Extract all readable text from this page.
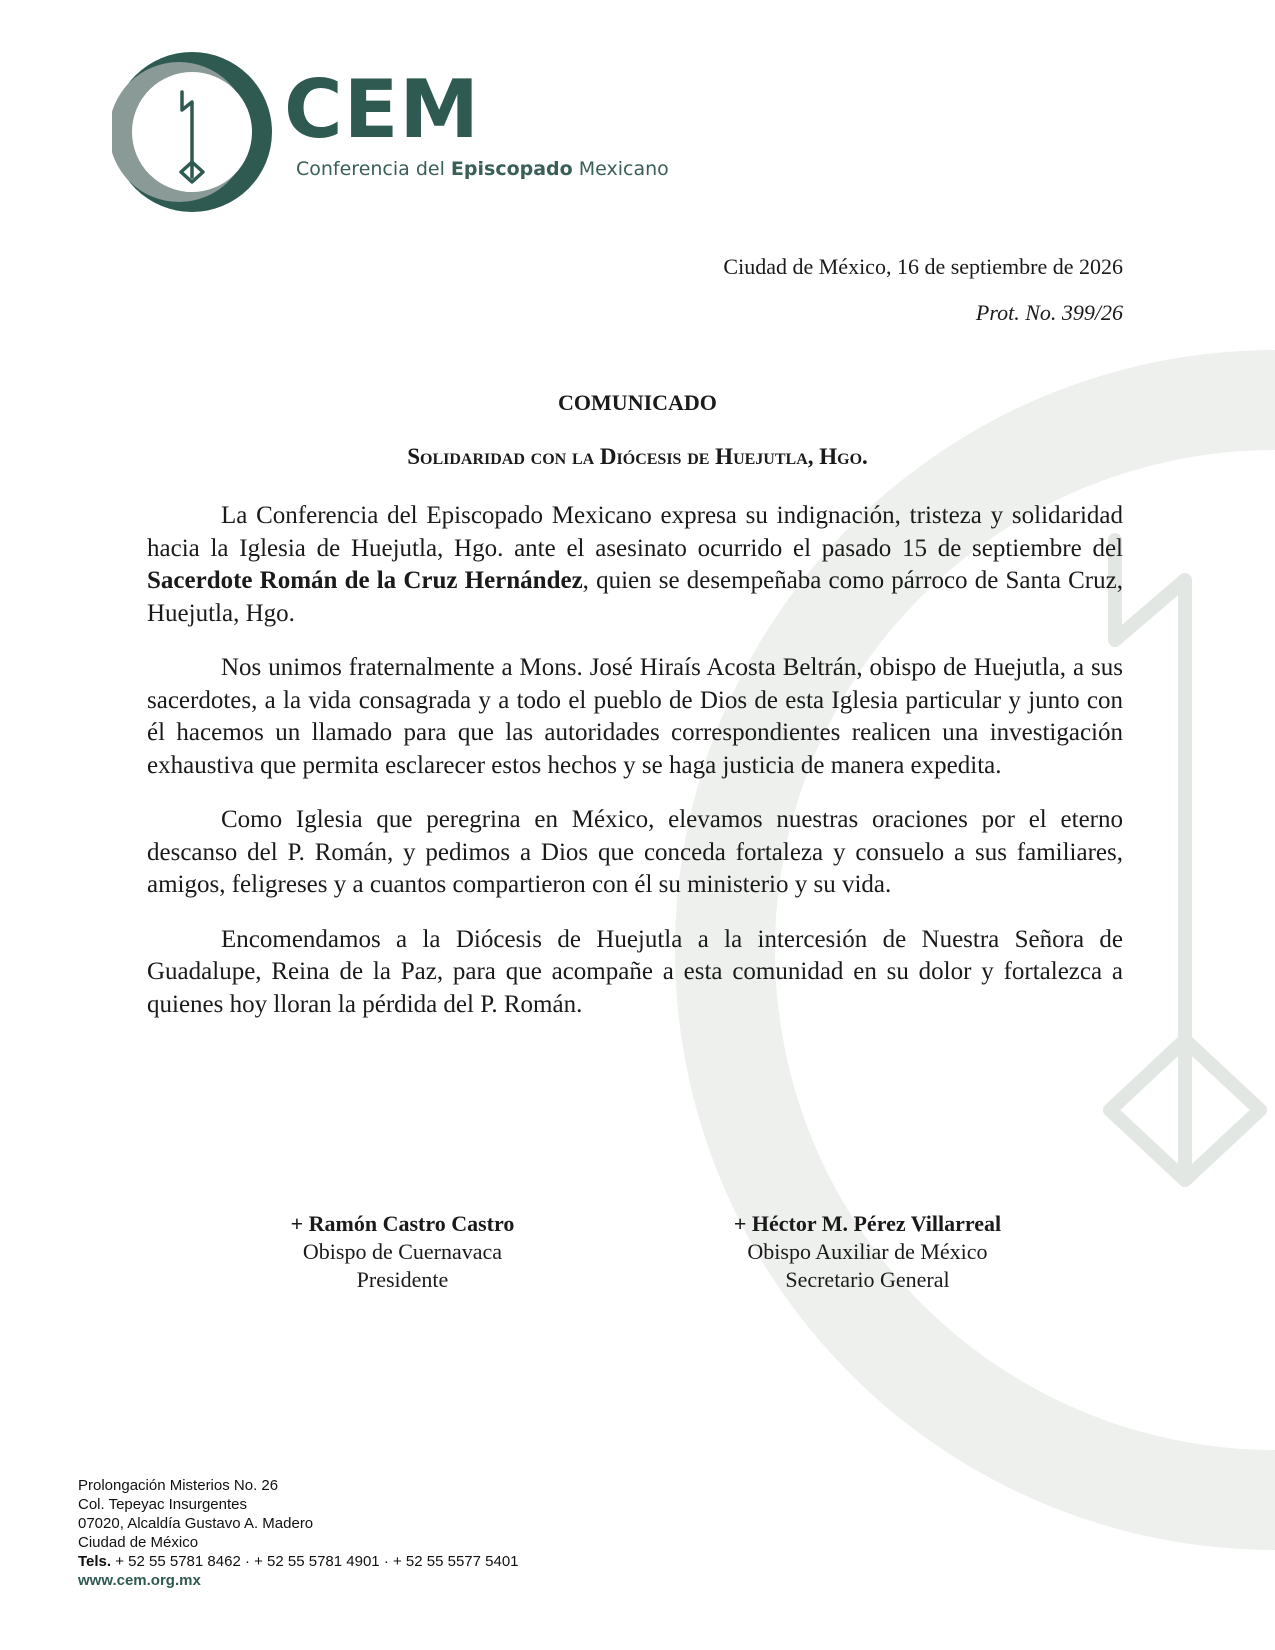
CEM
Conferencia del Episcopado Mexicano
Ciudad de México, 16 de septiembre de 2026
Prot. No. 399/26
COMUNICADO
Solidaridad con la Diócesis de Huejutla, Hgo.

La Conferencia del Episcopado Mexicano expresa su indignación, tristeza y solidaridad hacia la Iglesia de Huejutla, Hgo. ante el asesinato ocurrido el pasado 15 de septiembre del Sacerdote Román de la Cruz Hernández, quien se desempeñaba como párroco de Santa Cruz, Huejutla, Hgo.

Nos unimos fraternalmente a Mons. José Hiraís Acosta Beltrán, obispo de Huejutla, a sus sacerdotes, a la vida consagrada y a todo el pueblo de Dios de esta Iglesia particular y junto con él hacemos un llamado para que las autoridades correspondientes realicen una investigación exhaustiva que permita esclarecer estos hechos y se haga justicia de manera expedita.

Como Iglesia que peregrina en México, elevamos nuestras oraciones por el eterno descanso del P. Román, y pedimos a Dios que conceda fortaleza y consuelo a sus familiares, amigos, feligreses y a cuantos compartieron con él su ministerio y su vida.

Encomendamos a la Diócesis de Huejutla a la intercesión de Nuestra Señora de Guadalupe, Reina de la Paz, para que acompañe a esta comunidad en su dolor y fortalezca a quienes hoy lloran la pérdida del P. Román.

+ Ramón Castro Castro
Obispo de Cuernavaca
Presidente
+ Héctor M. Pérez Villarreal
Obispo Auxiliar de México
Secretario General
Prolongación Misterios No. 26
Col. Tepeyac Insurgentes
07020, Alcaldía Gustavo A. Madero
Ciudad de México
Tels. + 52 55 5781 8462 · + 52 55 5781 4901 · + 52 55 5577 5401
www.cem.org.mx
